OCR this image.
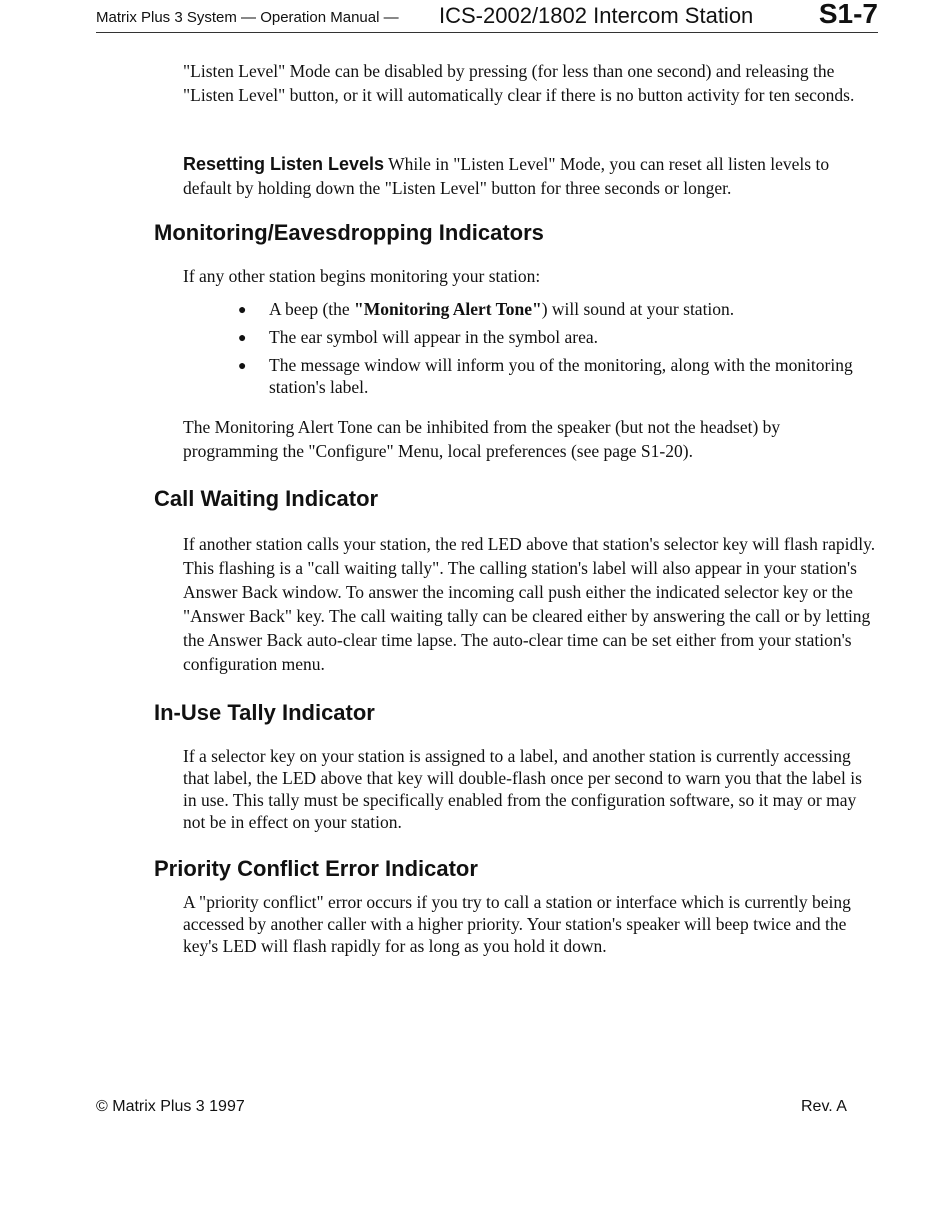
Matrix Plus 3 System — Operation Manual — ICS-2002/1802 Intercom Station S1-7

"Listen Level" Mode can be disabled by pressing (for less than one second) and releasing the "Listen Level" button, or it will automatically clear if there is no button activity for ten seconds.

Resetting Listen Levels While in "Listen Level" Mode, you can reset all listen levels to default by holding down the "Listen Level" button for three seconds or longer.

Monitoring/Eavesdropping Indicators

If any other station begins monitoring your station:

● A beep (the "Monitoring Alert Tone") will sound at your station.
● The ear symbol will appear in the symbol area.
● The message window will inform you of the monitoring, along with the monitoring station's label.

The Monitoring Alert Tone can be inhibited from the speaker (but not the headset) by programming the "Configure" Menu, local preferences (see page S1-20).

Call Waiting Indicator

If another station calls your station, the red LED above that station's selector key will flash rapidly. This flashing is a "call waiting tally". The calling station's label will also appear in your station's Answer Back window. To answer the incoming call push either the indicated selector key or the "Answer Back" key. The call waiting tally can be cleared either by answering the call or by letting the Answer Back auto-clear time lapse. The auto-clear time can be set either from your station's configuration menu.

In-Use Tally Indicator

If a selector key on your station is assigned to a label, and another station is currently accessing that label, the LED above that key will double-flash once per second to warn you that the label is in use. This tally must be specifically enabled from the configuration software, so it may or may not be in effect on your station.

Priority Conflict Error Indicator

A "priority conflict" error occurs if you try to call a station or interface which is currently being accessed by another caller with a higher priority. Your station's speaker will beep twice and the key's LED will flash rapidly for as long as you hold it down.

© Matrix Plus 3 1997	Rev. A
